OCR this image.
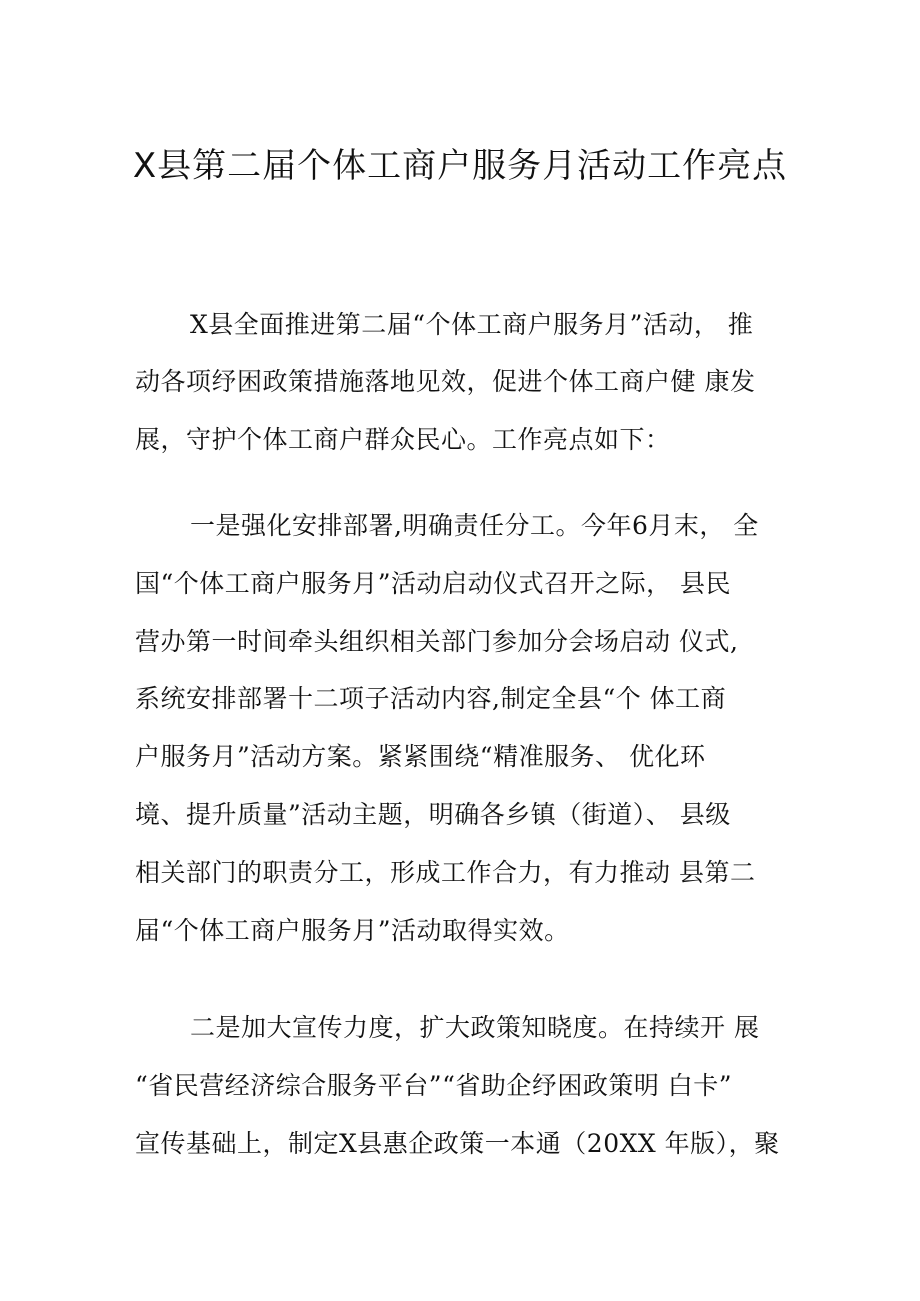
X县第二届个体工商户服务月活动工作亮点
X县全面推进第二届“个体工商户服务月”活动， 推
动各项纾困政策措施落地见效，促进个体工商户健 康发
展，守护个体工商户群众民心。工作亮点如下：
一是强化安排部署,明确责任分工。今年6月末， 全
国“个体工商户服务月”活动启动仪式召开之际， 县民
营办第一时间牵头组织相关部门参加分会场启动 仪式,
系统安排部署十二项子活动内容,制定全县“个 体工商
户服务月”活动方案。紧紧围绕“精准服务、 优化环
境、提升质量”活动主题，明确各乡镇（街道）、 县级
相关部门的职责分工，形成工作合力，有力推动 县第二
届“个体工商户服务月”活动取得实效。
二是加大宣传力度，扩大政策知晓度。在持续开 展
“省民营经济综合服务平台”“省助企纾困政策明 白卡”
宣传基础上，制定X县惠企政策一本通（20XX 年版），聚
